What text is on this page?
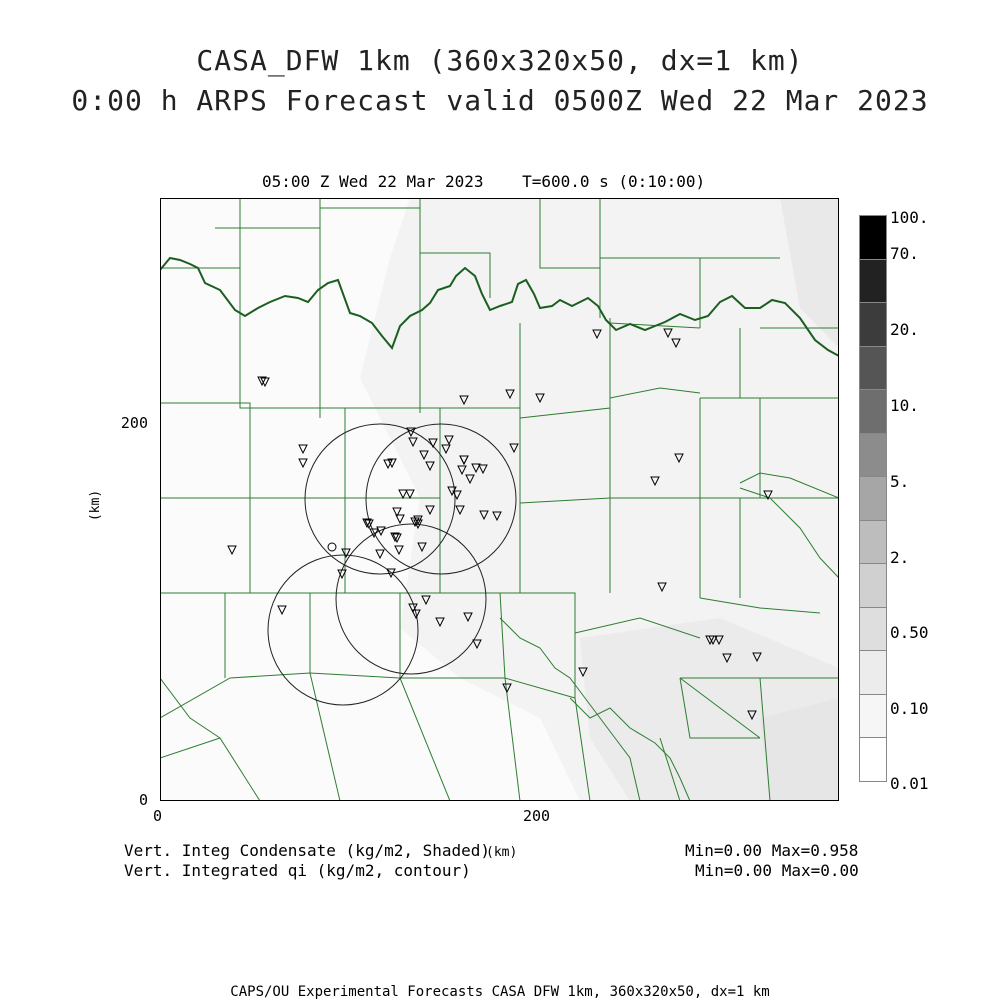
CASA_DFW 1km (360x320x50, dx=1 km)
0:00 h ARPS Forecast valid 0500Z Wed 22 Mar 2023
05:00 Z Wed 22 Mar 2023    T=600.0 s (0:10:00)
(km)
0
200
0	200
(km)
Vert. Integ Condensate (kg/m2, Shaded)
Vert. Integrated qi (kg/m2, contour)
Min=0.00 Max=0.958
Min=0.00 Max=0.00
CAPS/OU Experimental Forecasts CASA DFW 1km, 360x320x50, dx=1 km
100.
70.
20.
10.
5.
2.
0.50
0.10
0.01
